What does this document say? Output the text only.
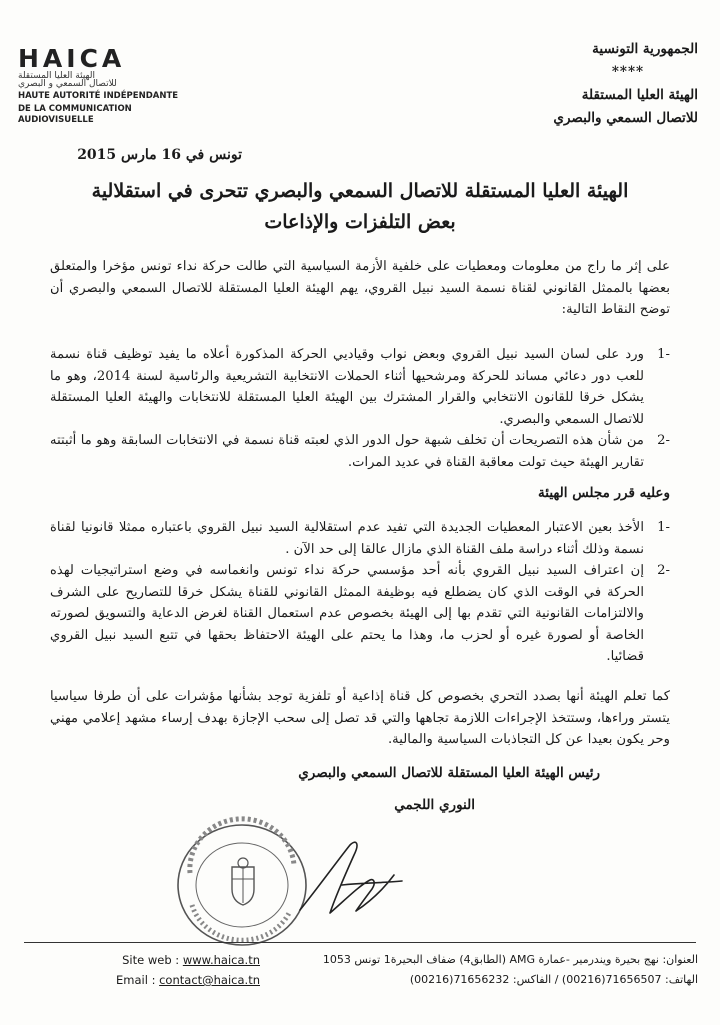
HAICA
الهيئة العليا المستقلة
للاتصال السمعي و البصري
HAUTE AUTORITÉ INDÉPENDANTE
DE LA COMMUNICATION AUDIOVISUELLE
الجمهورية التونسية
****
الهيئة العليا المستقلة
للاتصال السمعي والبصري
تونس في 16 مارس 2015
الهيئة العليا المستقلة للاتصال السمعي والبصري تتحرى في استقلالية
بعض التلفزات والإذاعات
على إثر ما راج من معلومات ومعطيات على خلفية الأزمة السياسية التي طالت حركة نداء تونس مؤخرا والمتعلق بعضها بالممثل القانوني لقناة نسمة السيد نبيل القروي، يهم الهيئة العليا المستقلة للاتصال السمعي والبصري أن توضح النقاط التالية:
-1
ورد على لسان السيد نبيل القروي وبعض نواب وقياديي الحركة المذكورة أعلاه ما يفيد توظيف قناة نسمة للعب دور دعائي مساند للحركة ومرشحيها أثناء الحملات الانتخابية التشريعية والرئاسية لسنة 2014، وهو ما يشكل خرقا للقانون الانتخابي والقرار المشترك بين الهيئة العليا المستقلة للانتخابات والهيئة العليا المستقلة للاتصال السمعي والبصري.
-2
من شأن هذه التصريحات أن تخلف شبهة حول الدور الذي لعبته قناة نسمة في الانتخابات السابقة وهو ما أثبتته تقارير الهيئة حيث تولت معاقبة القناة في عديد المرات.
وعليه قرر مجلس الهيئة
-1
الأخذ بعين الاعتبار المعطيات الجديدة التي تفيد عدم استقلالية السيد نبيل القروي باعتباره ممثلا قانونيا لقناة نسمة وذلك أثناء دراسة ملف القناة الذي مازال عالقا إلى حد الآن .
-2
إن اعتراف السيد نبيل القروي بأنه أحد مؤسسي حركة نداء تونس وانغماسه في وضع استراتيجيات لهذه الحركة في الوقت الذي كان يضطلع فيه بوظيفة الممثل القانوني للقناة يشكل خرقا للتصاريح على الشرف والالتزامات القانونية التي تقدم بها إلى الهيئة بخصوص عدم استعمال القناة لغرض الدعاية والتسويق لصورته الخاصة أو لصورة غيره أو لحزب ما، وهذا ما يحتم على الهيئة الاحتفاظ بحقها في تتبع السيد نبيل القروي قضائيا.
كما تعلم الهيئة أنها بصدد التحري بخصوص كل قناة إذاعية أو تلفزية توجد بشأنها مؤشرات على أن طرفا سياسيا يتستر وراءها، وستتخذ الإجراءات اللازمة تجاهها والتي قد تصل إلى سحب الإجازة بهدف إرساء مشهد إعلامي مهني وحر يكون بعيدا عن كل التجاذبات السياسية والمالية.
رئيس الهيئة العليا المستقلة للاتصال السمعي والبصري
النوري اللجمي
Site web : www.haica.tn
Email : contact@haica.tn
العنوان: نهج بحيرة ويندرمير -عمارة AMG (الطابق4) ضفاف البحيرة1 تونس 1053
الهاتف: 71656507(00216) / الفاكس: 71656232(00216)
